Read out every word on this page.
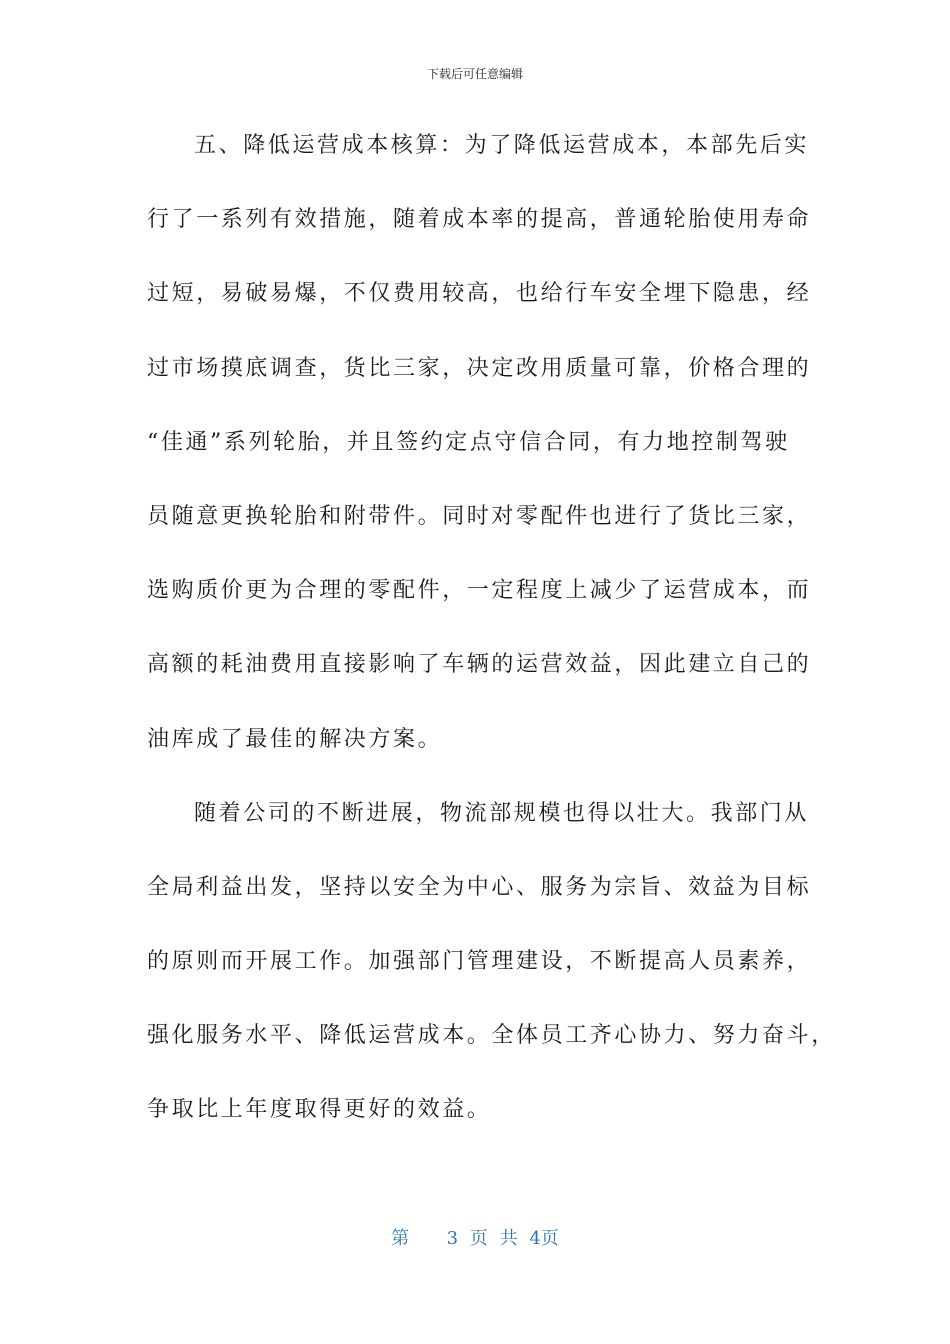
下载后可任意编辑
五、降低运营成本核算：为了降低运营成本，本部先后实
行了一系列有效措施，随着成本率的提高，普通轮胎使用寿命
过短，易破易爆，不仅费用较高，也给行车安全埋下隐患，经
过市场摸底调查，货比三家，决定改用质量可靠，价格合理的
“佳通”系列轮胎，并且签约定点守信合同，有力地控制驾驶
员随意更换轮胎和附带件。同时对零配件也进行了货比三家，
选购质价更为合理的零配件，一定程度上减少了运营成本，而
高额的耗油费用直接影响了车辆的运营效益，因此建立自己的
油库成了最佳的解决方案。
随着公司的不断进展，物流部规模也得以壮大。我部门从
全局利益出发，坚持以安全为中心、服务为宗旨、效益为目标
的原则而开展工作。加强部门管理建设，不断提高人员素养，
强化服务水平、降低运营成本。全体员工齐心协力、努力奋斗，
争取比上年度取得更好的效益。
第 3 页 共 4页
